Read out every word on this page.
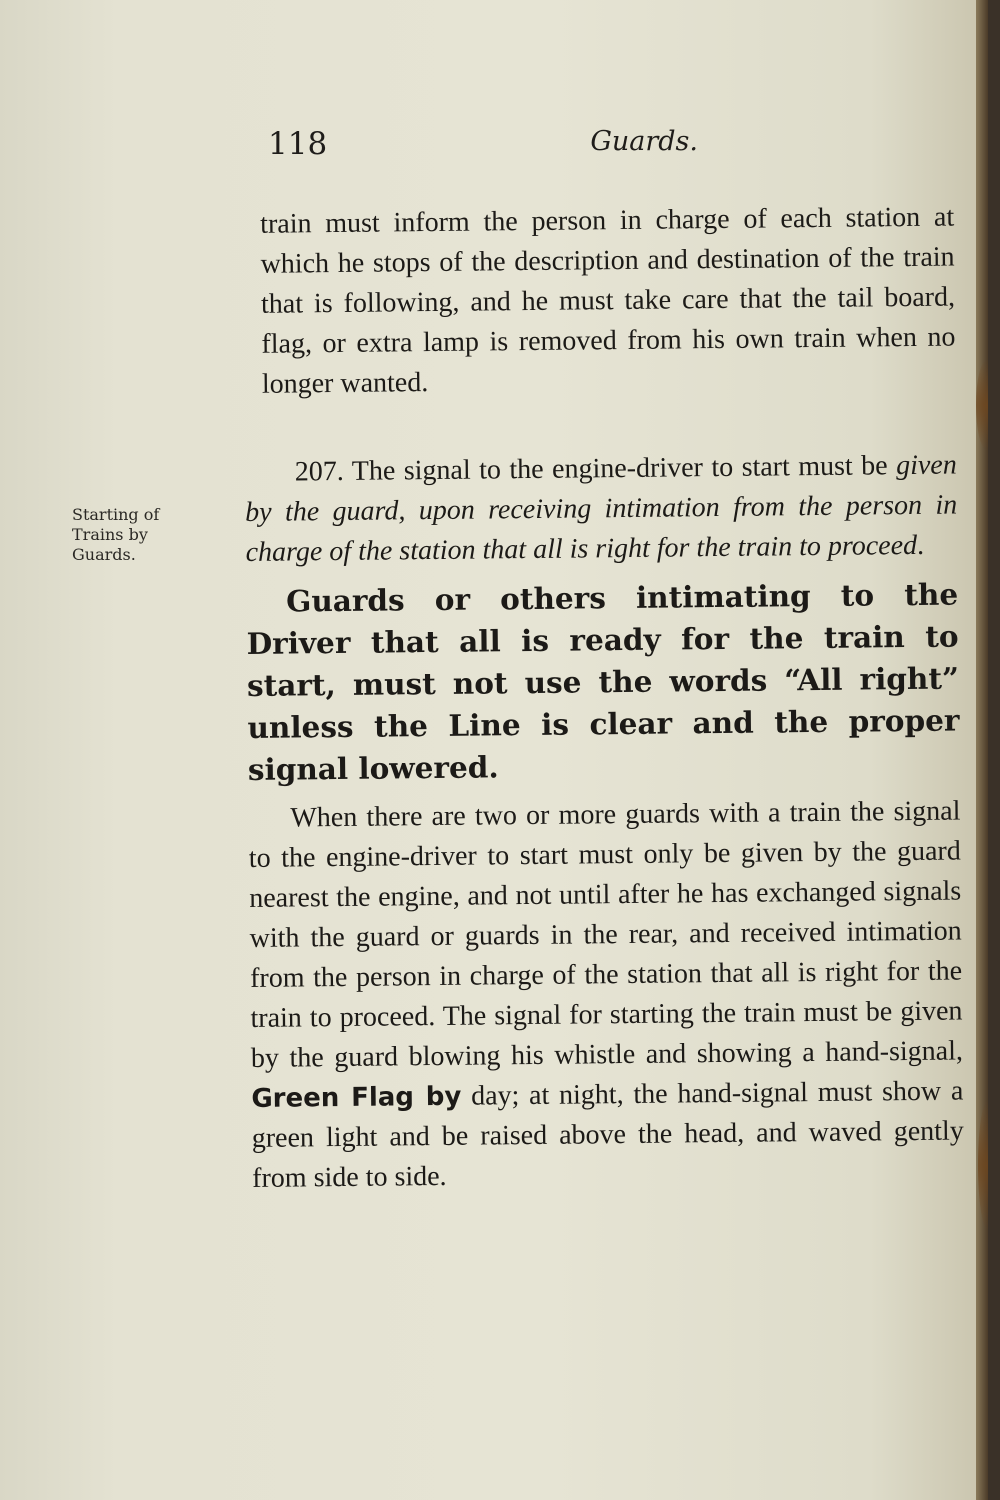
118	Guards.
Starting of
Trains by
Guards.

train must inform the person in charge of each station at which he stops of the description and destination of the train that is following, and he must take care that the tail board, flag, or extra lamp is removed from his own train when no longer wanted.

207. The signal to the engine-driver to start must be given by the guard, upon receiving intimation from the person in charge of the station that all is right for the train to proceed.

Guards or others intimating to the Driver that all is ready for the train to start, must not use the words “All right” unless the Line is clear and the proper signal lowered.

When there are two or more guards with a train the signal to the engine-driver to start must only be given by the guard nearest the engine, and not until after he has exchanged signals with the guard or guards in the rear, and received intimation from the person in charge of the station that all is right for the train to proceed. The signal for starting the train must be given by the guard blowing his whistle and showing a hand-signal, Green Flag by day; at night, the hand-signal must show a green light and be raised above the head, and waved gently from side to side.
